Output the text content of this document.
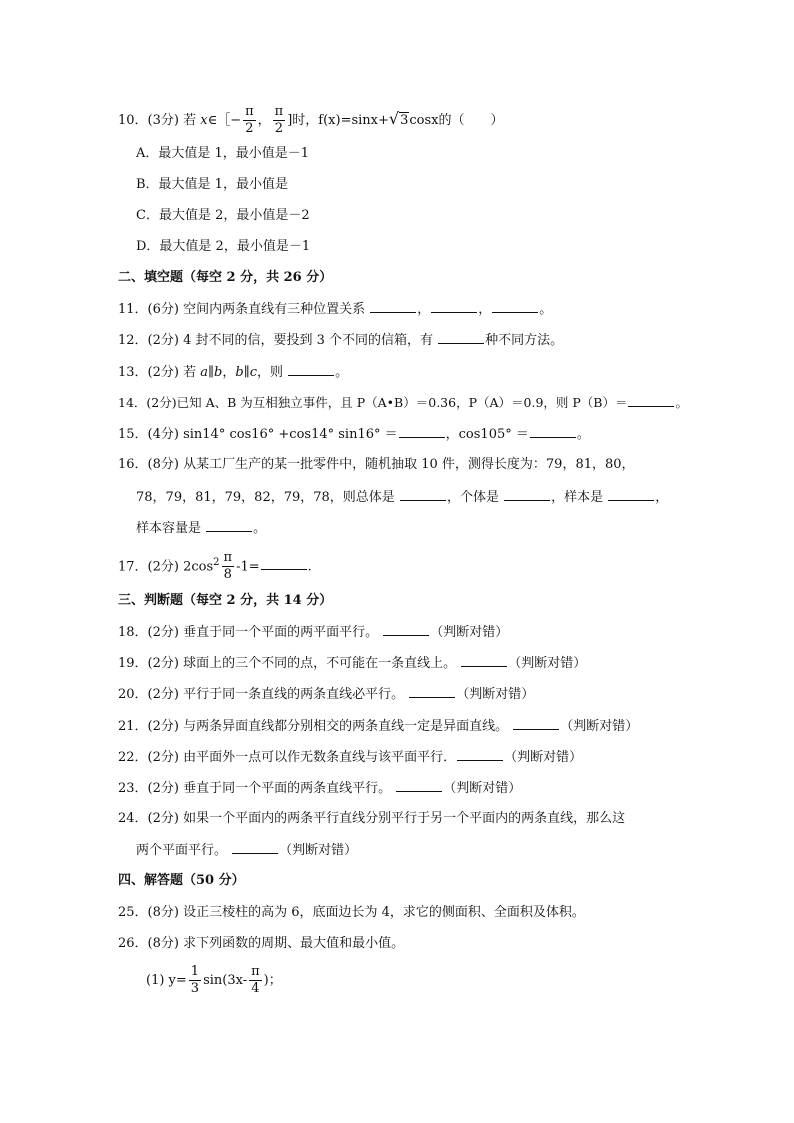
10．(3分) 若 x∈［− $\frac{\pi}{2}$ ， $\frac{\pi}{2}$ ]时，f(x)=sinx+√3cosx的（　　）
A．最大值是 1，最小值是－1
B．最大值是 1，最小值是
C．最大值是 2，最小值是－2
D．最大值是 2，最小值是－1
二、填空题（每空 2 分，共 26 分）
11．(6分) 空间内两条直线有三种位置关系	，	，	。
12．(2分) 4 封不同的信，要投到 3 个不同的信箱，有	种不同方法。
13．(2分) 若 a∥b，b∥c，则	。
14．(2分)已知 A、B 为互相独立事件，且 P（A•B）＝0.36，P（A）＝0.9，则 P（B）＝	。
15．(4分) sin14° cos16° +cos14° sin16° ＝	，cos105° ＝	。
16．(8分) 从某工厂生产的某一批零件中，随机抽取 10 件，测得长度为：79，81，80，
78，79，81，79，82，79，78，则总体是	，个体是	，样本是	，
样本容量是	。
17．(2分) $2\cos^2 \frac{\pi}{8} -1=$	.
三、判断题（每空 2 分，共 14 分）
18．(2分) 垂直于同一个平面的两平面平行。	（判断对错）
19．(2分) 球面上的三个不同的点，不可能在一条直线上。	（判断对错）
20．(2分) 平行于同一条直线的两条直线必平行。	（判断对错）
21．(2分) 与两条异面直线都分别相交的两条直线一定是异面直线。	（判断对错）
22．(2分) 由平面外一点可以作无数条直线与该平面平行．	（判断对错）
23．(2分) 垂直于同一个平面的两条直线平行。	（判断对错）
24．(2分) 如果一个平面内的两条平行直线分别平行于另一个平面内的两条直线，那么这
两个平面平行。	（判断对错）
四、解答题（50 分）
25．(8分) 设正三棱柱的高为 6，底面边长为 4，求它的侧面积、全面积及体积。
26．(8分) 求下列函数的周期、最大值和最小值。
(1) $y= \frac{1}{3} \sin(3x- \frac{\pi}{4}$ )；
